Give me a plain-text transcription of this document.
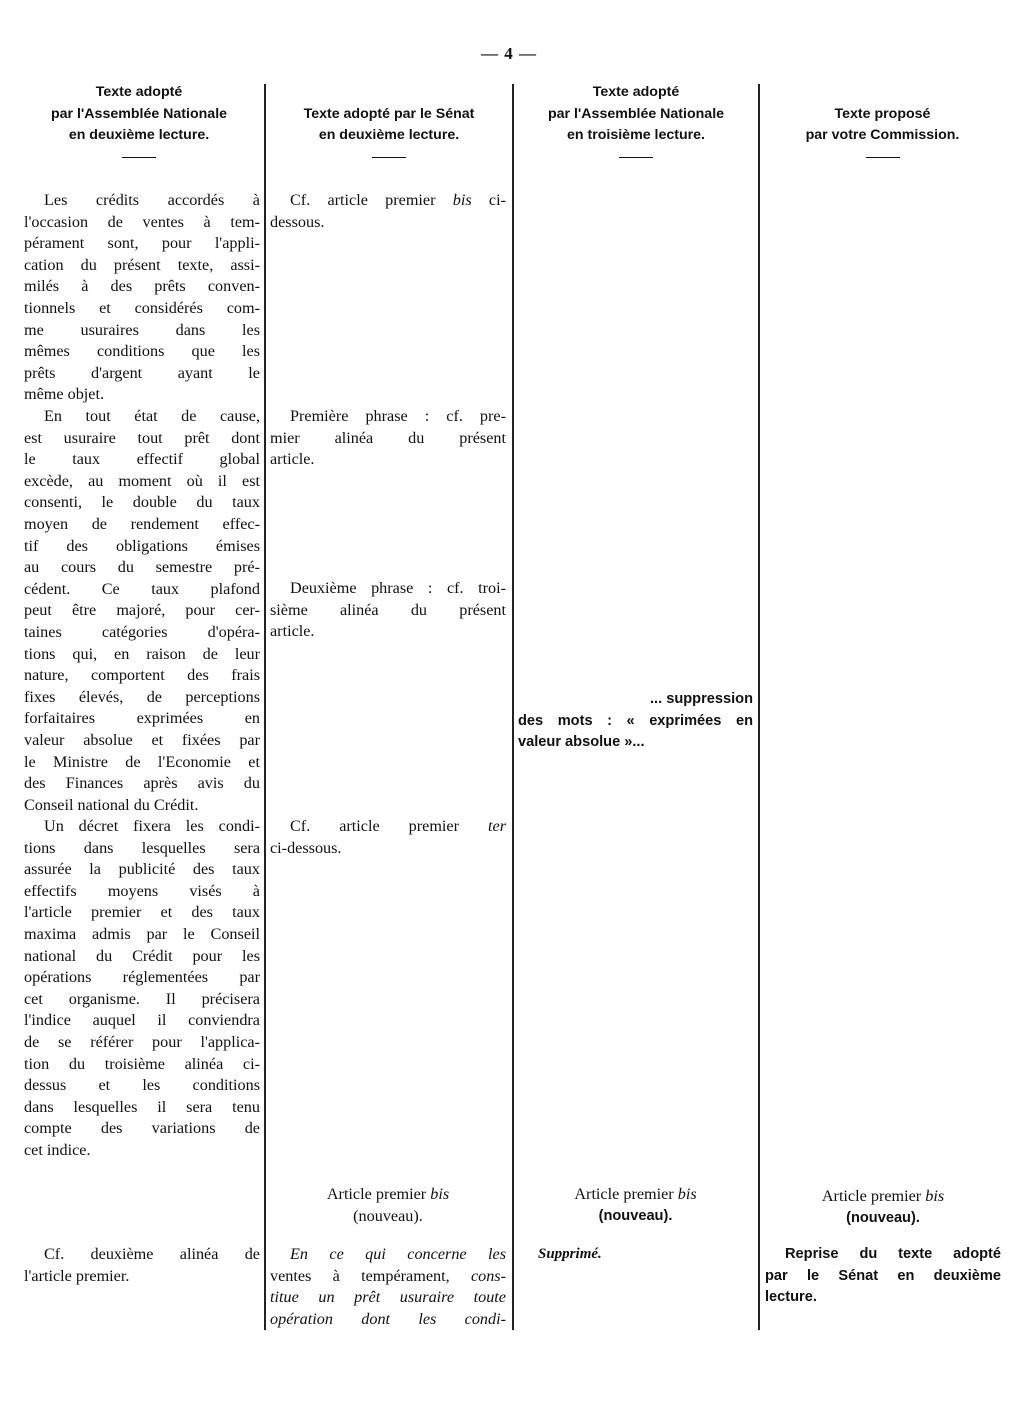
— 4 —
Texte adopté
par l'Assemblée Nationale
en deuxième lecture.
Texte adopté par le Sénat
en deuxième lecture.
Texte adopté
par l'Assemblée Nationale
en troisième lecture.
Texte proposé
par votre Commission.
Les crédits accordés à
l'occasion de ventes à tem-
pérament sont, pour l'appli-
cation du présent texte, assi-
milés à des prêts conven-
tionnels et considérés com-
me usuraires dans les
mêmes conditions que les
prêts d'argent ayant le
même objet.
En tout état de cause,
est usuraire tout prêt dont
le taux effectif global
excède, au moment où il est
consenti, le double du taux
moyen de rendement effec-
tif des obligations émises
au cours du semestre pré-
cédent. Ce taux plafond
peut être majoré, pour cer-
taines catégories d'opéra-
tions qui, en raison de leur
nature, comportent des frais
fixes élevés, de perceptions
forfaitaires exprimées en
valeur absolue et fixées par
le Ministre de l'Economie et
des Finances après avis du
Conseil national du Crédit.
Un décret fixera les condi-
tions dans lesquelles sera
assurée la publicité des taux
effectifs moyens visés à
l'article premier et des taux
maxima admis par le Conseil
national du Crédit pour les
opérations réglementées par
cet organisme. Il précisera
l'indice auquel il conviendra
de se référer pour l'applica-
tion du troisième alinéa ci-
dessus et les conditions
dans lesquelles il sera tenu
compte des variations de
cet indice.
Cf. deuxième alinéa de
l'article premier.
Cf. article premier bis ci-
dessous.
Première phrase : cf. pre-
mier alinéa du présent
article.
Deuxième phrase : cf. troi-
sième alinéa du présent
article.
Cf. article premier ter
ci-dessous.
Article premier bis
(nouveau).
En ce qui concerne les
ventes à tempérament, cons-
titue un prêt usuraire toute
opération dont les condi-
... suppression
des mots : « exprimées en
valeur absolue »...
Article premier bis
(nouveau).
Supprimé.
Article premier bis
(nouveau).
Reprise du texte adopté
par le Sénat en deuxième
lecture.
